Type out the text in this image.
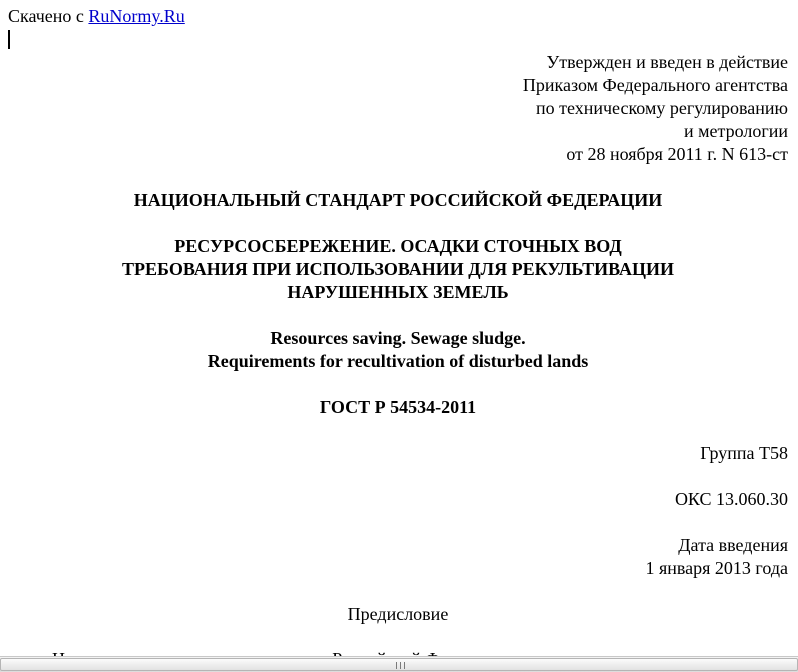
Скачено с RuNormy.Ru
Утвержден и введен в действие
Приказом Федерального агентства
по техническому регулированию
и метрологии
от 28 ноября 2011 г. N 613-ст
НАЦИОНАЛЬНЫЙ СТАНДАРТ РОССИЙСКОЙ ФЕДЕРАЦИИ
РЕСУРСОСБЕРЕЖЕНИЕ. ОСАДКИ СТОЧНЫХ ВОД
ТРЕБОВАНИЯ ПРИ ИСПОЛЬЗОВАНИИ ДЛЯ РЕКУЛЬТИВАЦИИ
НАРУШЕННЫХ ЗЕМЕЛЬ
Resources saving. Sewage sludge.
Requirements for recultivation of disturbed lands
ГОСТ Р 54534-2011
Группа Т58
ОКС 13.060.30
Дата введения
1 января 2013 года
Предисловие
